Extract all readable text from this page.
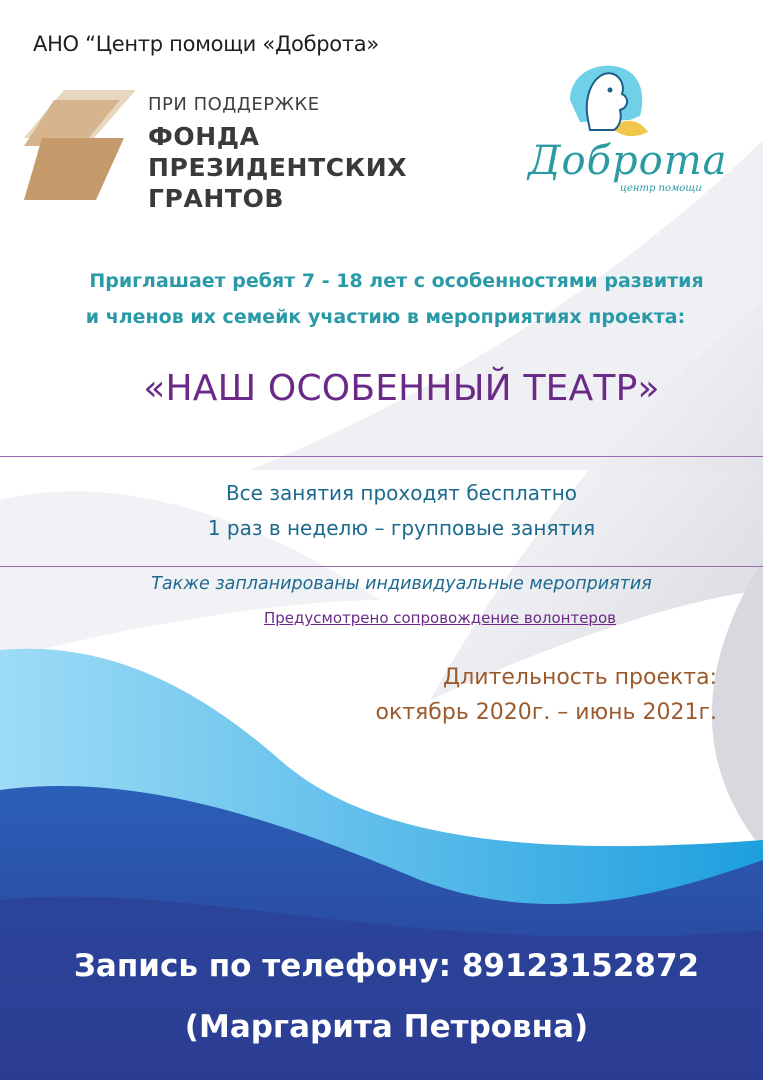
АНО “Центр помощи «Доброта»
ПРИ ПОДДЕРЖКЕ
ФОНДА
ПРЕЗИДЕНТСКИХ
ГРАНТОВ
Доброта
центр помощи
Приглашает ребят 7 - 18 лет с особенностями развития
и членов их семейк участию в мероприятиях проекта:
«НАШ ОСОБЕННЫЙ ТЕАТР»
Все занятия проходят бесплатно
1 раз в неделю – групповые занятия
Также запланированы индивидуальные мероприятия
Предусмотрено сопровождение волонтеров
Длительность проекта:
октябрь 2020г. – июнь 2021г.
Запись по телефону: 89123152872
(Маргарита Петровна)
